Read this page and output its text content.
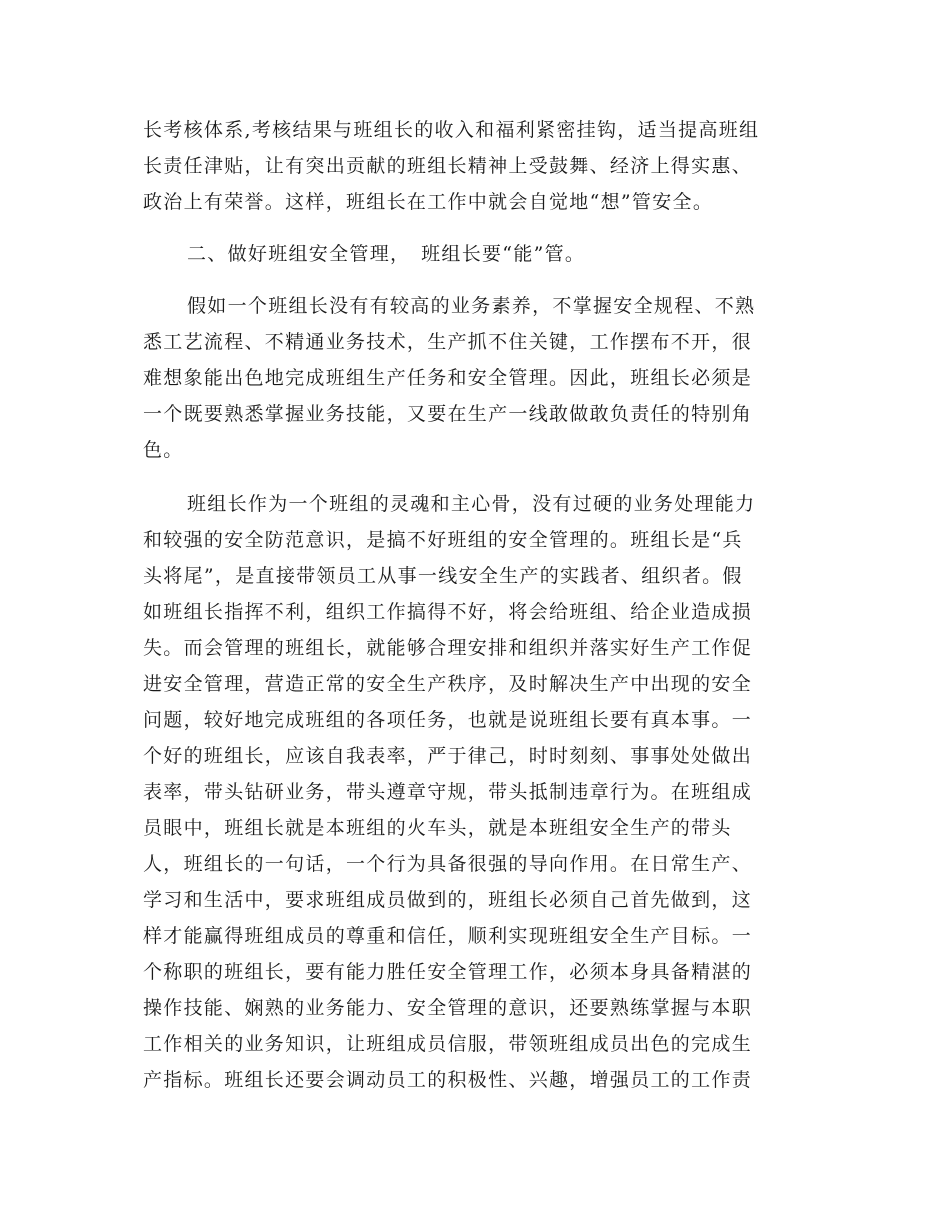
长考核体系,考核结果与班组长的收入和福利紧密挂钩，适当提高班组
长责任津贴，让有突出贡献的班组长精神上受鼓舞、经济上得实惠、
政治上有荣誉。这样，班组长在工作中就会自觉地“想”管安全。
二、做好班组安全管理，　班组长要“能”管。
假如一个班组长没有有较高的业务素养，不掌握安全规程、不熟
悉工艺流程、不精通业务技术，生产抓不住关键，工作摆布不开，很
难想象能出色地完成班组生产任务和安全管理。因此，班组长必须是
一个既要熟悉掌握业务技能，又要在生产一线敢做敢负责任的特别角
色。
班组长作为一个班组的灵魂和主心骨，没有过硬的业务处理能力
和较强的安全防范意识，是搞不好班组的安全管理的。班组长是“兵
头将尾”，是直接带领员工从事一线安全生产的实践者、组织者。假
如班组长指挥不利，组织工作搞得不好，将会给班组、给企业造成损
失。而会管理的班组长，就能够合理安排和组织并落实好生产工作促
进安全管理，营造正常的安全生产秩序，及时解决生产中出现的安全
问题，较好地完成班组的各项任务，也就是说班组长要有真本事。一
个好的班组长，应该自我表率，严于律己，时时刻刻、事事处处做出
表率，带头钻研业务，带头遵章守规，带头抵制违章行为。在班组成
员眼中，班组长就是本班组的火车头，就是本班组安全生产的带头
人，班组长的一句话，一个行为具备很强的导向作用。在日常生产、
学习和生活中，要求班组成员做到的，班组长必须自己首先做到，这
样才能赢得班组成员的尊重和信任，顺利实现班组安全生产目标。一
个称职的班组长，要有能力胜任安全管理工作，必须本身具备精湛的
操作技能、娴熟的业务能力、安全管理的意识，还要熟练掌握与本职
工作相关的业务知识，让班组成员信服，带领班组成员出色的完成生
产指标。班组长还要会调动员工的积极性、兴趣，增强员工的工作责
